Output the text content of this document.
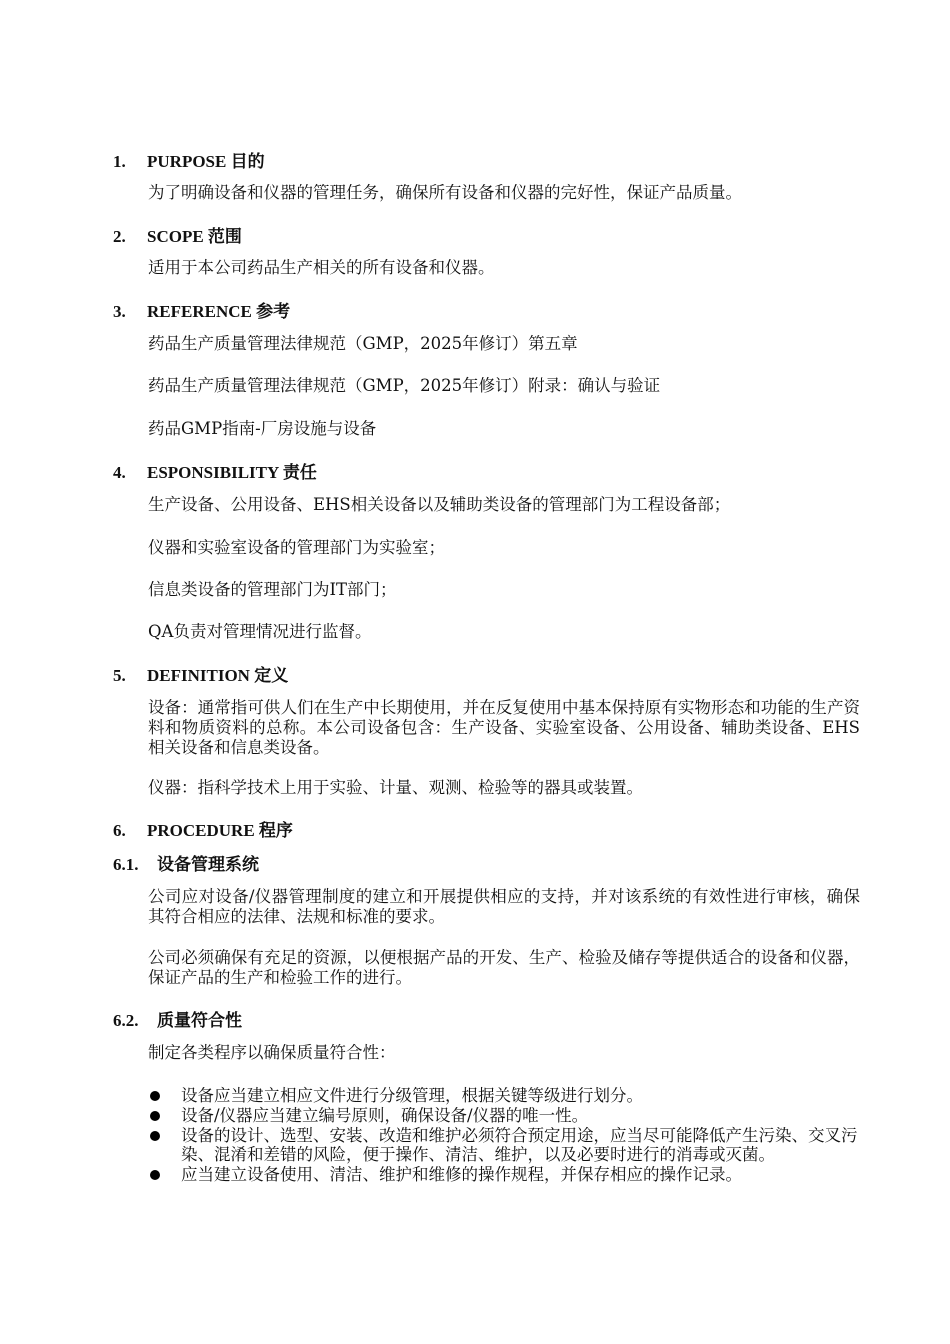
1. PURPOSE 目的
为了明确设备和仪器的管理任务，确保所有设备和仪器的完好性，保证产品质量。
2. SCOPE 范围
适用于本公司药品生产相关的所有设备和仪器。
3. REFERENCE 参考
药品生产质量管理法律规范（GMP，2025年修订）第五章
药品生产质量管理法律规范（GMP，2025年修订）附录：确认与验证
药品GMP指南-厂房设施与设备
4. ESPONSIBILITY 责任
生产设备、公用设备、EHS相关设备以及辅助类设备的管理部门为工程设备部；
仪器和实验室设备的管理部门为实验室；
信息类设备的管理部门为IT部门；
QA负责对管理情况进行监督。
5. DEFINITION 定义
设备：通常指可供人们在生产中长期使用，并在反复使用中基本保持原有实物形态和功能的生产资料和物质资料的总称。本公司设备包含：生产设备、实验室设备、公用设备、辅助类设备、EHS相关设备和信息类设备。
仪器：指科学技术上用于实验、计量、观测、检验等的器具或装置。
6. PROCEDURE 程序
6.1. 设备管理系统
公司应对设备/仪器管理制度的建立和开展提供相应的支持，并对该系统的有效性进行审核，确保其符合相应的法律、法规和标准的要求。
公司必须确保有充足的资源，以便根据产品的开发、生产、检验及储存等提供适合的设备和仪器，保证产品的生产和检验工作的进行。
6.2. 质量符合性
制定各类程序以确保质量符合性：
设备应当建立相应文件进行分级管理，根据关键等级进行划分。
设备/仪器应当建立编号原则，确保设备/仪器的唯一性。
设备的设计、选型、安装、改造和维护必须符合预定用途，应当尽可能降低产生污染、交叉污染、混淆和差错的风险，便于操作、清洁、维护，以及必要时进行的消毒或灭菌。
应当建立设备使用、清洁、维护和维修的操作规程，并保存相应的操作记录。
